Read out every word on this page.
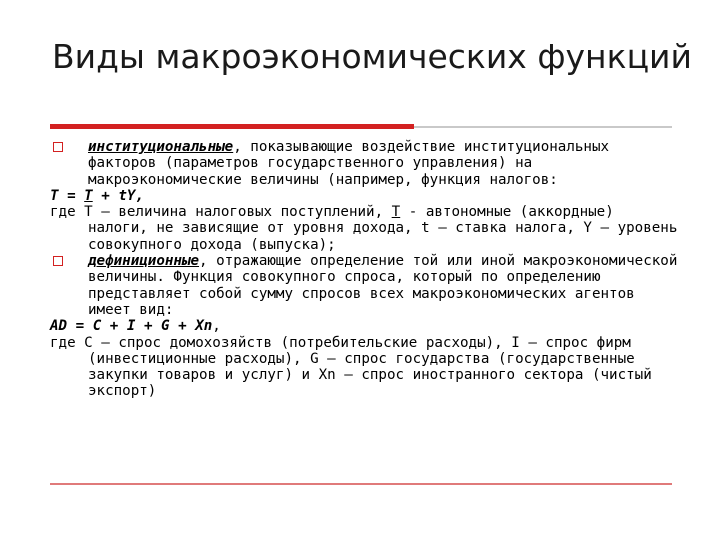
Виды макроэкономических функций
институциональные, показывающие воздействие институциональных факторов (параметров государственного управления) на макроэкономические величины (например, функция налогов:
T = T + tY,
где Т – величина налоговых поступлений, T - автономные (аккордные) налоги, не зависящие от уровня дохода, t – ставка налога, Y – уровень совокупного дохода (выпуска);
дефиниционные, отражающие определение той или иной макроэкономической величины. Функция совокупного спроса, который по определению представляет собой сумму спросов всех макроэкономических агентов имеет вид:
AD = C + I + G + Xn,
где С – спрос домохозяйств (потребительские расходы), I – спрос фирм (инвестиционные расходы), G – спрос государства (государственные закупки товаров и услуг) и Xn – спрос иностранного сектора (чистый экспорт)
